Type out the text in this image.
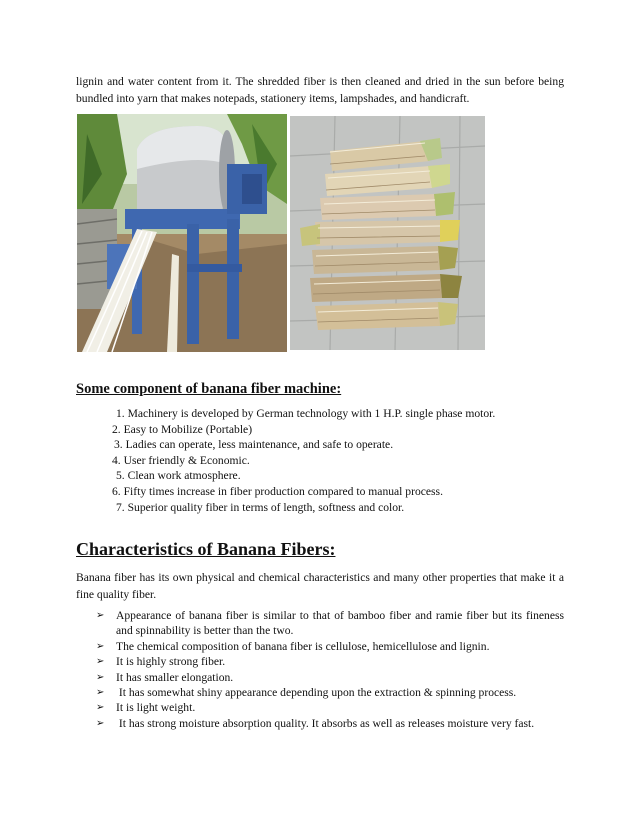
lignin and water content from it. The shredded fiber is then cleaned and dried in the sun before being bundled into yarn that makes notepads, stationery items, lampshades, and handicraft.

Some component of banana fiber machine:
1. Machinery is developed by German technology with 1 H.P. single phase motor.
2. Easy to Mobilize (Portable)
3. Ladies can operate, less maintenance, and safe to operate.
4. User friendly & Economic.
5. Clean work atmosphere.
6. Fifty times increase in fiber production compared to manual process.
7. Superior quality fiber in terms of length, softness and color.
Characteristics of Banana Fibers:

Banana fiber has its own physical and chemical characteristics and many other properties that make it a fine quality fiber.

➢ Appearance of banana fiber is similar to that of bamboo fiber and ramie fiber but its fineness and spinnability is better than the two.
➢ The chemical composition of banana fiber is cellulose, hemicellulose and lignin.
➢ It is highly strong fiber.
➢ It has smaller elongation.
➢ It has somewhat shiny appearance depending upon the extraction & spinning process.
➢ It is light weight.
➢ It has strong moisture absorption quality. It absorbs as well as releases moisture very fast.
